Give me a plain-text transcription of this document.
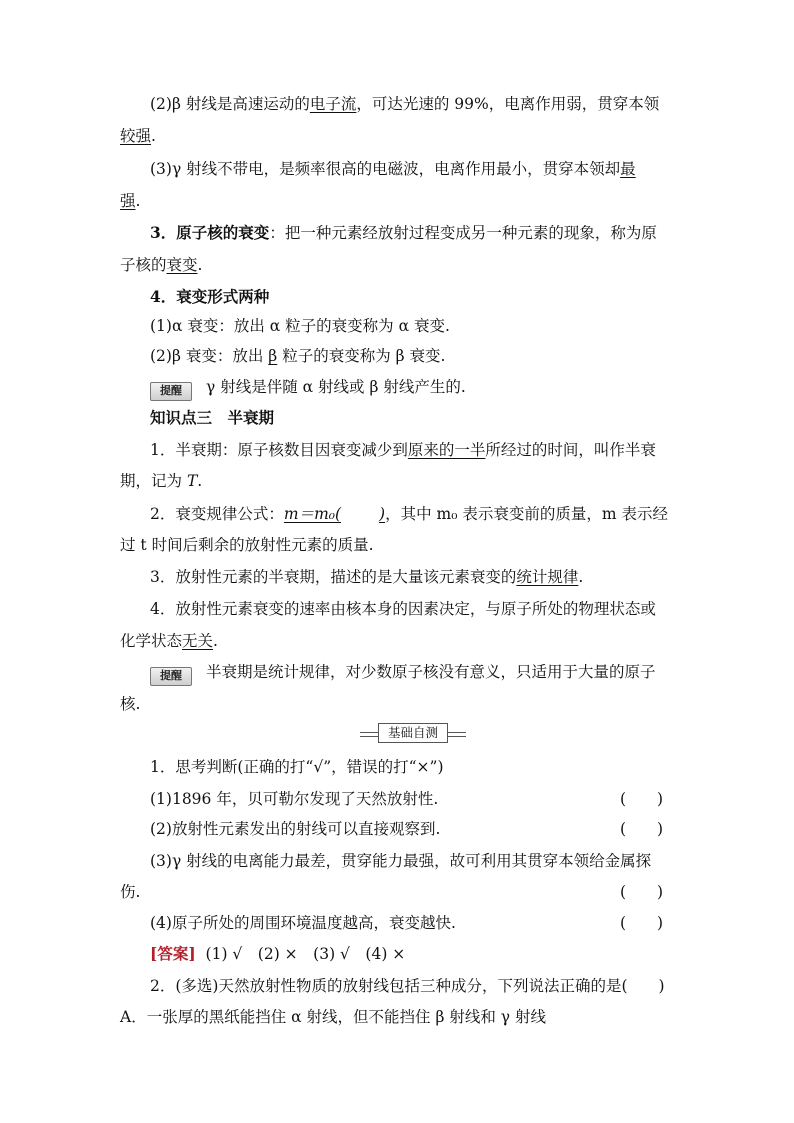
(2)β 射线是高速运动的电子流，可达光速的 99%，电离作用弱，贯穿本领
较强.
(3)γ 射线不带电，是频率很高的电磁波，电离作用最小，贯穿本领却最
强.
3．原子核的衰变：把一种元素经放射过程变成另一种元素的现象，称为原
子核的衰变.
4．衰变形式两种
(1)α 衰变：放出 α 粒子的衰变称为 α 衰变.
(2)β 衰变：放出 β 粒子的衰变称为 β 衰变.
提醒 γ 射线是伴随 α 射线或 β 射线产生的.
知识点三　半衰期
1．半衰期：原子核数目因衰变减少到原来的一半所经过的时间，叫作半衰
期，记为 T.
2．衰变规律公式：m＝m₀( )，其中 m₀ 表示衰变前的质量，m 表示经
过 t 时间后剩余的放射性元素的质量.
3．放射性元素的半衰期，描述的是大量该元素衰变的统计规律.
4．放射性元素衰变的速率由核本身的因素决定，与原子所处的物理状态或
化学状态无关.
提醒 半衰期是统计规律，对少数原子核没有意义，只适用于大量的原子
核.
基础自测
1．思考判断(正确的打“√”，错误的打“×”)
(1)1896 年，贝可勒尔发现了天然放射性.	(　　)
(2)放射性元素发出的射线可以直接观察到.	(　　)
(3)γ 射线的电离能力最差，贯穿能力最强，故可利用其贯穿本领给金属探
伤.	(　　)
(4)原子所处的周围环境温度越高，衰变越快.	(　　)
[答案] (1) √　(2) ×　(3) √　(4) ×
2．(多选)天然放射性物质的放射线包括三种成分，下列说法正确的是(　　)
A．一张厚的黑纸能挡住 α 射线，但不能挡住 β 射线和 γ 射线
